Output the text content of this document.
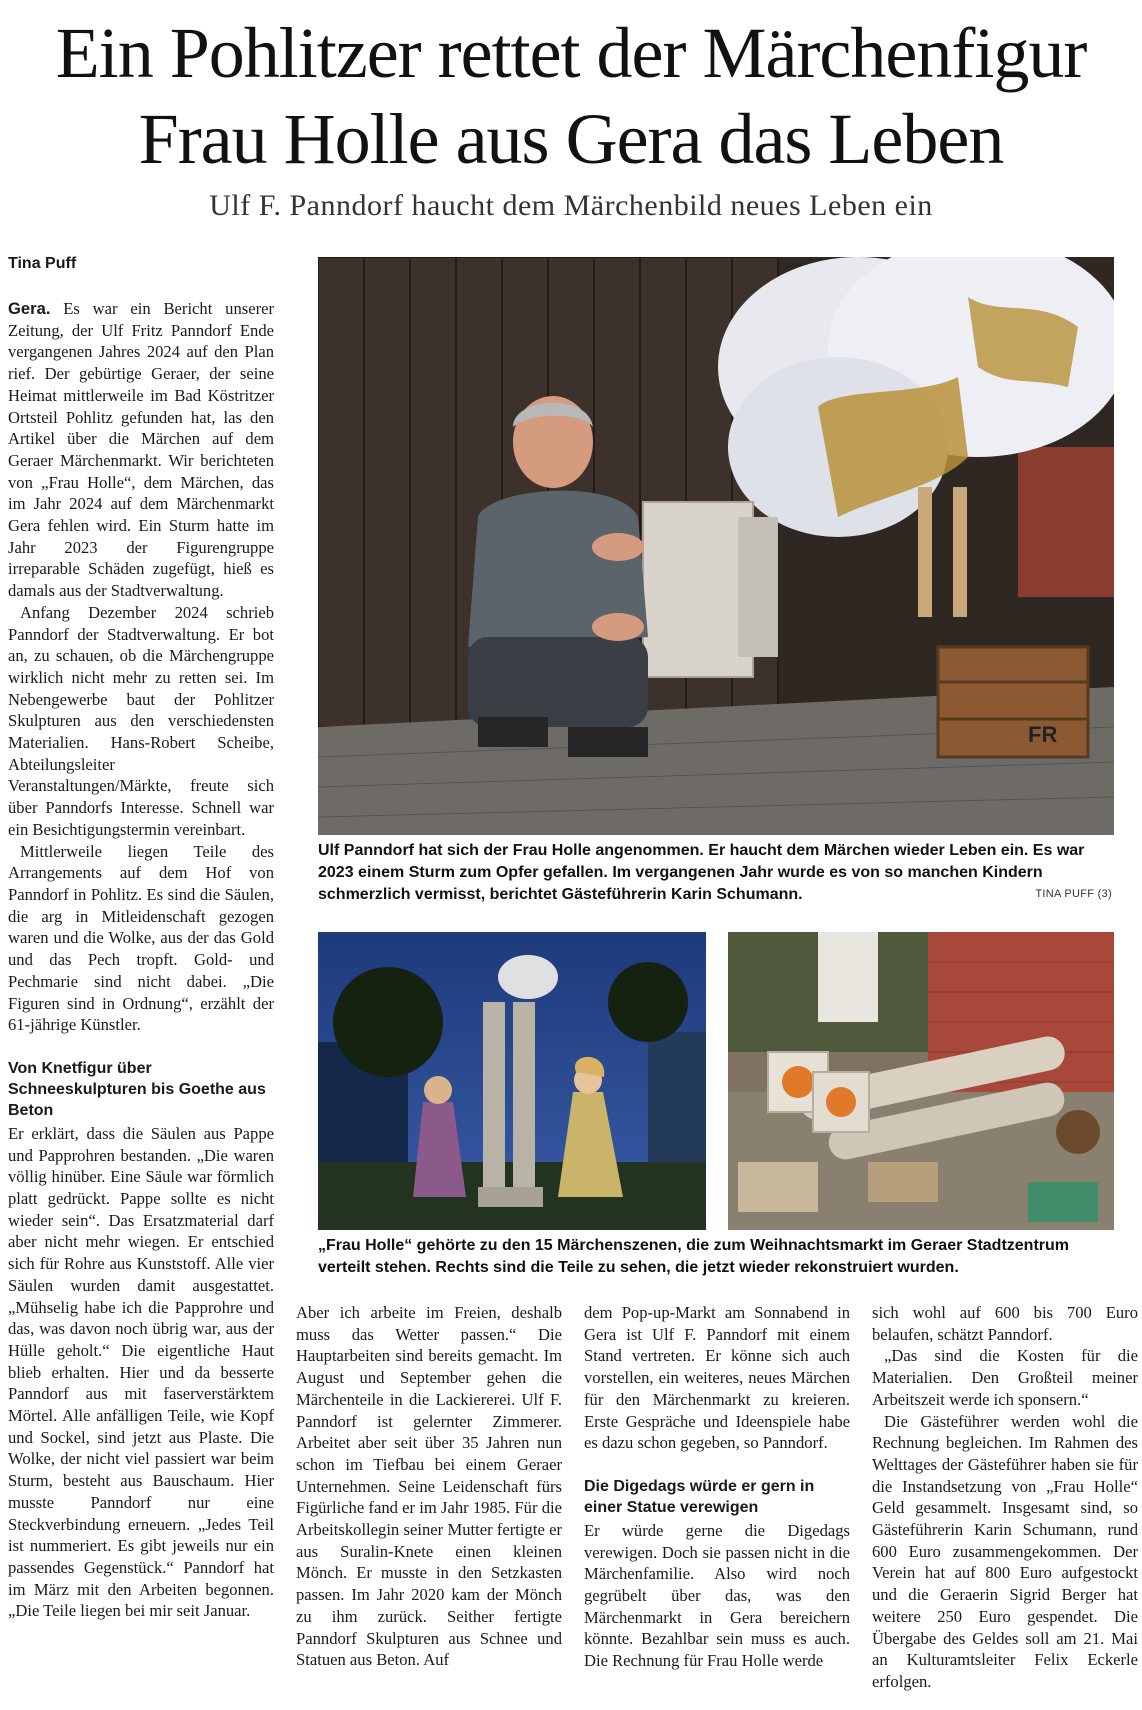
Ein Pohlitzer rettet der Märchenfigur
Frau Holle aus Gera das Leben
Ulf F. Panndorf haucht dem Märchenbild neues Leben ein
Tina Puff

Gera. Es war ein Bericht unserer Zeitung, der Ulf Fritz Panndorf Ende vergangenen Jahres 2024 auf den Plan rief. Der gebürtige Geraer, der seine Heimat mittlerweile im Bad Köstritzer Ortsteil Pohlitz gefunden hat, las den Artikel über die Märchen auf dem Geraer Märchenmarkt. Wir berichteten von „Frau Holle“, dem Märchen, das im Jahr 2024 auf dem Märchenmarkt Gera fehlen wird. Ein Sturm hatte im Jahr 2023 der Figurengruppe irreparable Schäden zugefügt, hieß es damals aus der Stadtverwaltung.

Anfang Dezember 2024 schrieb Panndorf der Stadtverwaltung. Er bot an, zu schauen, ob die Märchengruppe wirklich nicht mehr zu retten sei. Im Nebengewerbe baut der Pohlitzer Skulpturen aus den verschiedensten Materialien. Hans-Robert Scheibe, Abteilungsleiter Veranstaltungen/Märkte, freute sich über Panndorfs Interesse. Schnell war ein Besichtigungstermin vereinbart.

Mittlerweile liegen Teile des Arrangements auf dem Hof von Panndorf in Pohlitz. Es sind die Säulen, die arg in Mitleidenschaft gezogen waren und die Wolke, aus der das Gold und das Pech tropft. Gold- und Pechmarie sind nicht dabei. „Die Figuren sind in Ordnung“, erzählt der 61-jährige Künstler.

Von Knetfigur über Schneeskulpturen bis Goethe aus Beton

Er erklärt, dass die Säulen aus Pappe und Papprohren bestanden. „Die waren völlig hinüber. Eine Säule war förmlich platt gedrückt. Pappe sollte es nicht wieder sein“. Das Ersatzmaterial darf aber nicht mehr wiegen. Er entschied sich für Rohre aus Kunststoff. Alle vier Säulen wurden damit ausgestattet. „Mühselig habe ich die Papprohre und das, was davon noch übrig war, aus der Hülle geholt.“ Die eigentliche Haut blieb erhalten. Hier und da besserte Panndorf aus mit faserverstärktem Mörtel. Alle anfälligen Teile, wie Kopf und Sockel, sind jetzt aus Plaste. Die Wolke, der nicht viel passiert war beim Sturm, besteht aus Bauschaum. Hier musste Panndorf nur eine Steckverbindung erneuern. „Jedes Teil ist nummeriert. Es gibt jeweils nur ein passendes Gegenstück.“ Panndorf hat im März mit den Arbeiten begonnen. „Die Teile liegen bei mir seit Januar.

Aber ich arbeite im Freien, deshalb muss das Wetter passen.“ Die Hauptarbeiten sind bereits gemacht. Im August und September gehen die Märchenteile in die Lackiererei. Ulf F. Panndorf ist gelernter Zimmerer. Arbeitet aber seit über 35 Jahren nun schon im Tiefbau bei einem Geraer Unternehmen. Seine Leidenschaft fürs Figürliche fand er im Jahr 1985. Für die Arbeitskollegin seiner Mutter fertigte er aus Suralin-Knete einen kleinen Mönch. Er musste in den Setzkasten passen. Im Jahr 2020 kam der Mönch zu ihm zurück. Seither fertigte Panndorf Skulpturen aus Schnee und Statuen aus Beton. Auf

dem Pop-up-Markt am Sonnabend in Gera ist Ulf F. Panndorf mit einem Stand vertreten. Er könne sich auch vorstellen, ein weiteres, neues Märchen für den Märchenmarkt zu kreieren. Erste Gespräche und Ideenspiele habe es dazu schon gegeben, so Panndorf.

Die Digedags würde er gern in einer Statue verewigen

Er würde gerne die Digedags verewigen. Doch sie passen nicht in die Märchenfamilie. Also wird noch gegrübelt über das, was den Märchenmarkt in Gera bereichern könnte. Bezahlbar sein muss es auch. Die Rechnung für Frau Holle werde

sich wohl auf 600 bis 700 Euro belaufen, schätzt Panndorf.

„Das sind die Kosten für die Materialien. Den Großteil meiner Arbeitszeit werde ich sponsern.“

Die Gästeführer werden wohl die Rechnung begleichen. Im Rahmen des Welttages der Gästeführer haben sie für die Instandsetzung von „Frau Holle“ Geld gesammelt. Insgesamt sind, so Gästeführerin Karin Schumann, rund 600 Euro zusammengekommen. Der Verein hat auf 800 Euro aufgestockt und die Geraerin Sigrid Berger hat weitere 250 Euro gespendet. Die Übergabe des Geldes soll am 21. Mai an Kulturamtsleiter Felix Eckerle erfolgen.

FR
Ulf Panndorf hat sich der Frau Holle angenommen. Er haucht dem Märchen wieder Leben ein. Es war 2023 einem Sturm zum Opfer gefallen. Im vergangenen Jahr wurde es von so manchen Kindern schmerzlich vermisst, berichtet Gästeführerin Karin Schumann.	TINA PUFF (3)
„Frau Holle“ gehörte zu den 15 Märchenszenen, die zum Weihnachtsmarkt im Geraer Stadtzentrum verteilt stehen. Rechts sind die Teile zu sehen, die jetzt wieder rekonstruiert wurden.
